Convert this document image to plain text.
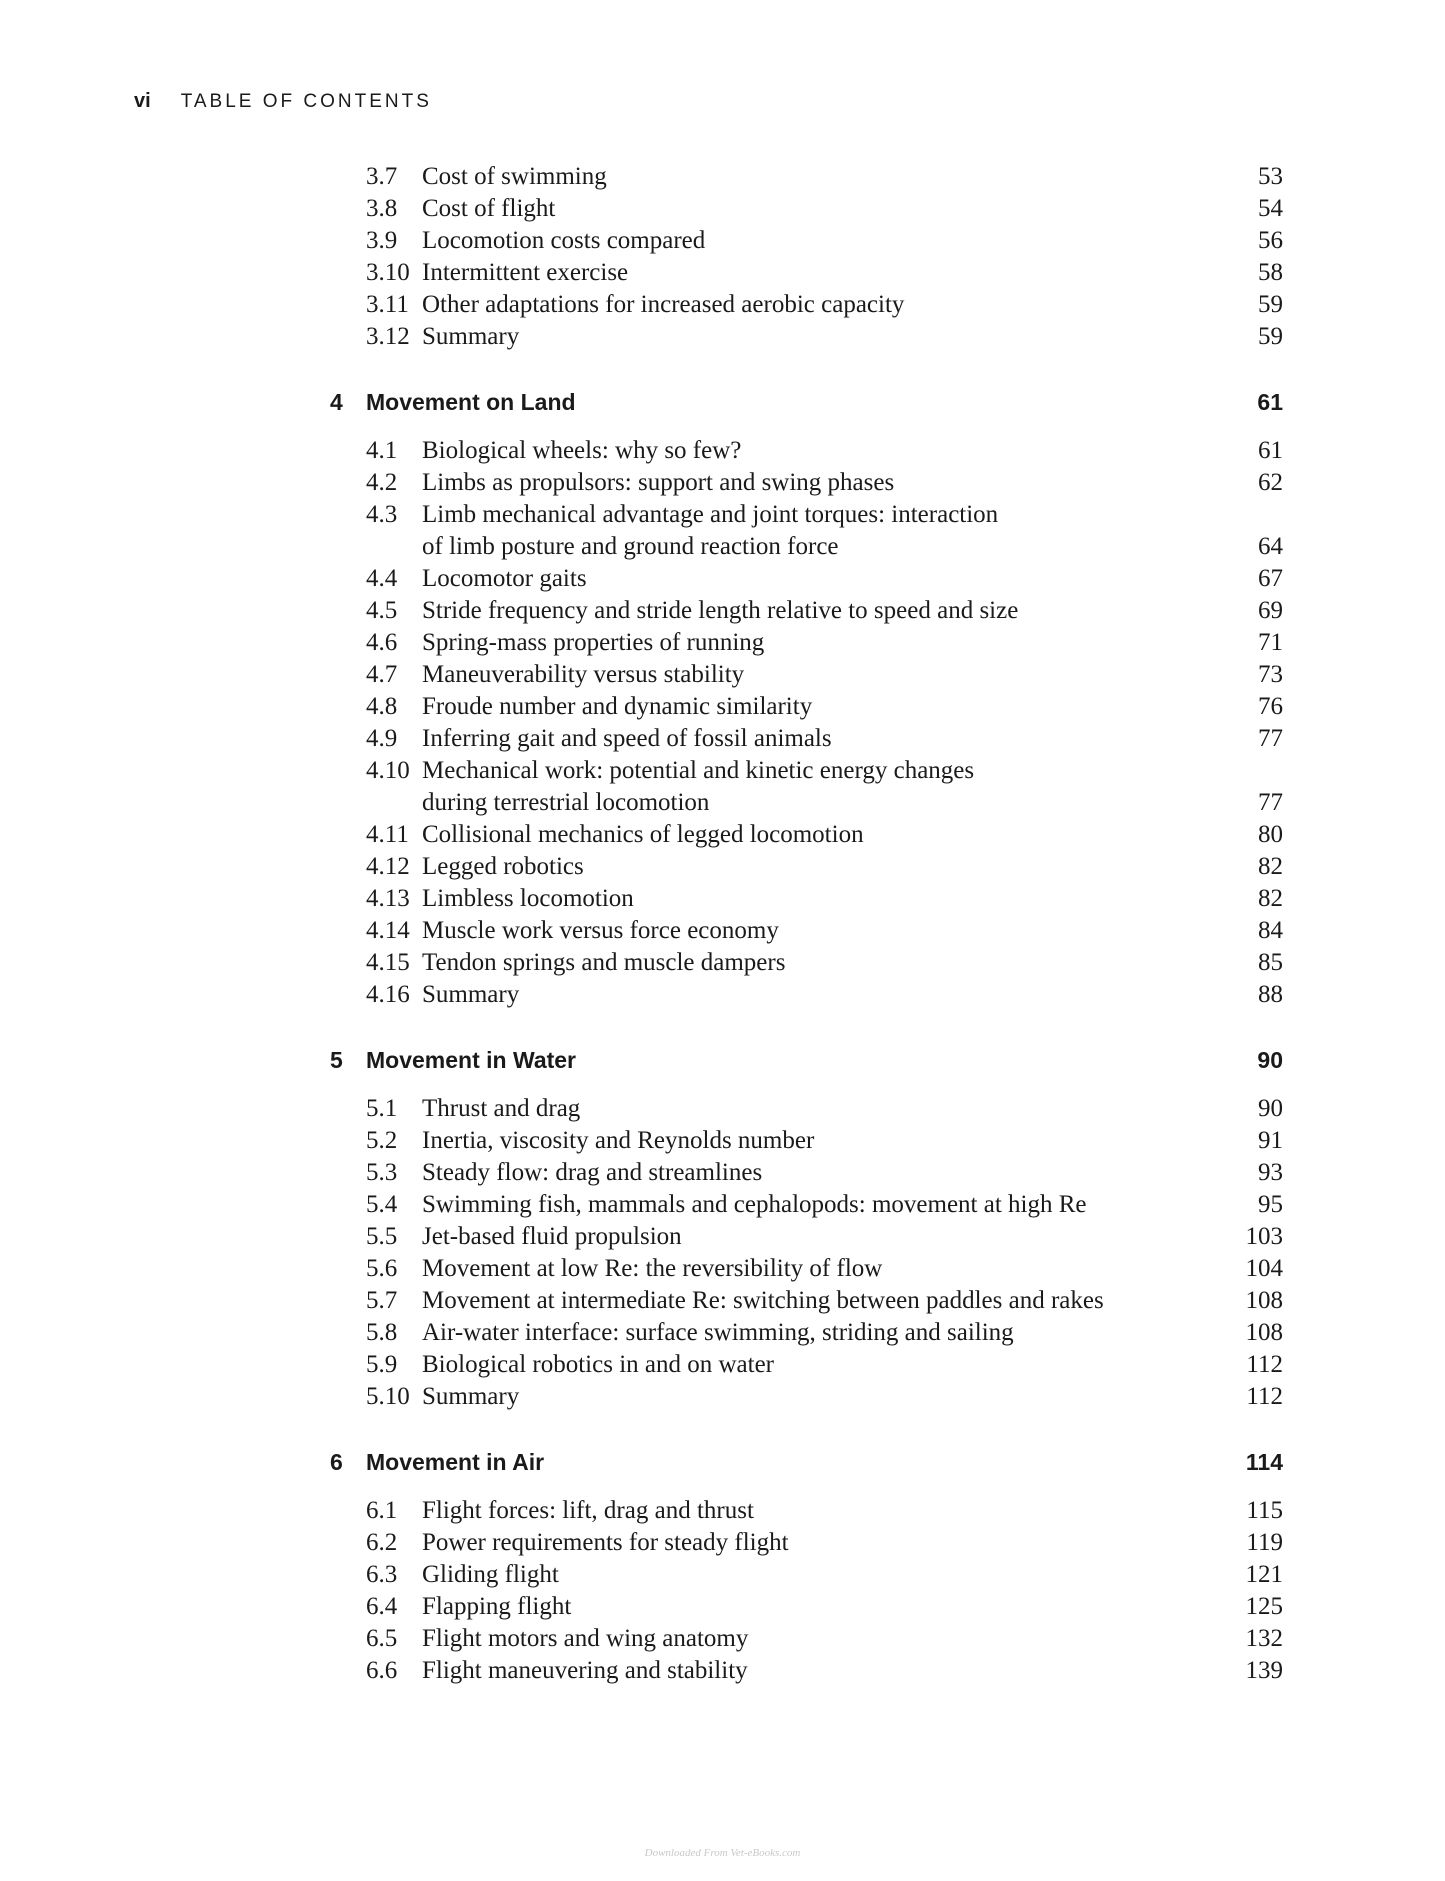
vi TABLE OF CONTENTS
3.7 Cost of swimming	53
3.8 Cost of flight	54
3.9 Locomotion costs compared	56
3.10 Intermittent exercise	58
3.11 Other adaptations for increased aerobic capacity	59
3.12 Summary	59
4 Movement on Land	61
4.1 Biological wheels: why so few?	61
4.2 Limbs as propulsors: support and swing phases	62
4.3 Limb mechanical advantage and joint torques: interaction
of limb posture and ground reaction force	64
4.4 Locomotor gaits	67
4.5 Stride frequency and stride length relative to speed and size	69
4.6 Spring-mass properties of running	71
4.7 Maneuverability versus stability	73
4.8 Froude number and dynamic similarity	76
4.9 Inferring gait and speed of fossil animals	77
4.10 Mechanical work: potential and kinetic energy changes
during terrestrial locomotion	77
4.11 Collisional mechanics of legged locomotion	80
4.12 Legged robotics	82
4.13 Limbless locomotion	82
4.14 Muscle work versus force economy	84
4.15 Tendon springs and muscle dampers	85
4.16 Summary	88
5 Movement in Water	90
5.1 Thrust and drag	90
5.2 Inertia, viscosity and Reynolds number	91
5.3 Steady flow: drag and streamlines	93
5.4 Swimming fish, mammals and cephalopods: movement at high Re	95
5.5 Jet-based fluid propulsion	103
5.6 Movement at low Re: the reversibility of flow	104
5.7 Movement at intermediate Re: switching between paddles and rakes	108
5.8 Air-water interface: surface swimming, striding and sailing	108
5.9 Biological robotics in and on water	112
5.10 Summary	112
6 Movement in Air	114
6.1 Flight forces: lift, drag and thrust	115
6.2 Power requirements for steady flight	119
6.3 Gliding flight	121
6.4 Flapping flight	125
6.5 Flight motors and wing anatomy	132
6.6 Flight maneuvering and stability	139
Downloaded From Vet-eBooks.com
